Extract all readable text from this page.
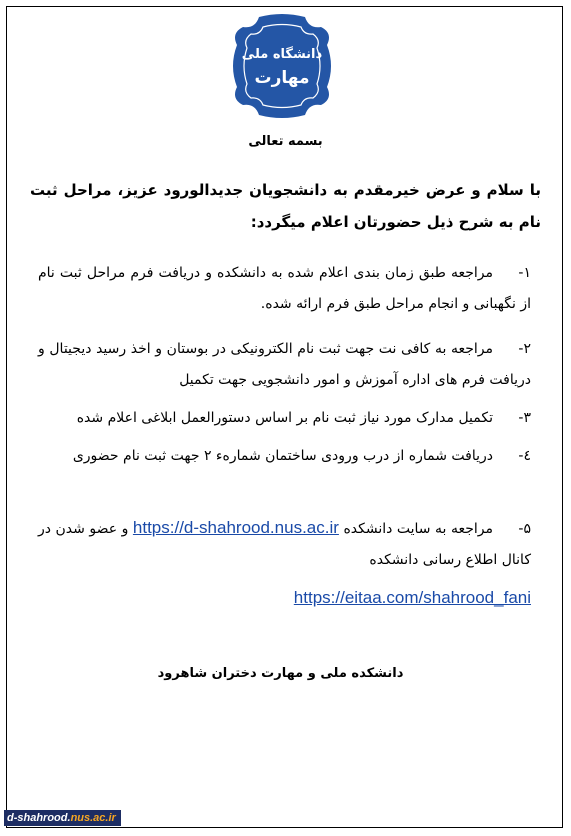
دانشگاه ملی
مهارت
بسمه تعالی
با سلام و عرض خیرمقدم به دانشجویان جدیدالورود عزیز، مراحل ثبت نام به شرح ذیل حضورتان اعلام میگردد:
١-مراجعه طبق زمان بندی اعلام شده به دانشکده و دریافت فرم مراحل ثبت نام از نگهبانی و انجام مراحل طبق فرم ارائه شده.
٢-مراجعه به کافی نت جهت ثبت نام الکترونیکی در بوستان و اخذ رسید دیجیتال و دریافت فرم های اداره آموزش و امور دانشجویی جهت تکمیل
٣-تکمیل مدارک مورد نیاز ثبت نام بر اساس دستورالعمل ابلاغی اعلام شده
٤-دریافت شماره از درب ورودی ساختمان شمارهء ٢ جهت ثبت نام حضوری
۵-مراجعه به سایت دانشکده https://d-shahrood.nus.ac.ir و عضو شدن در کانال اطلاع رسانی دانشکده
https://eitaa.com/shahrood_fani
دانشکده ملی و مهارت دختران شاهرود
d-shahrood.nus.ac.ir
